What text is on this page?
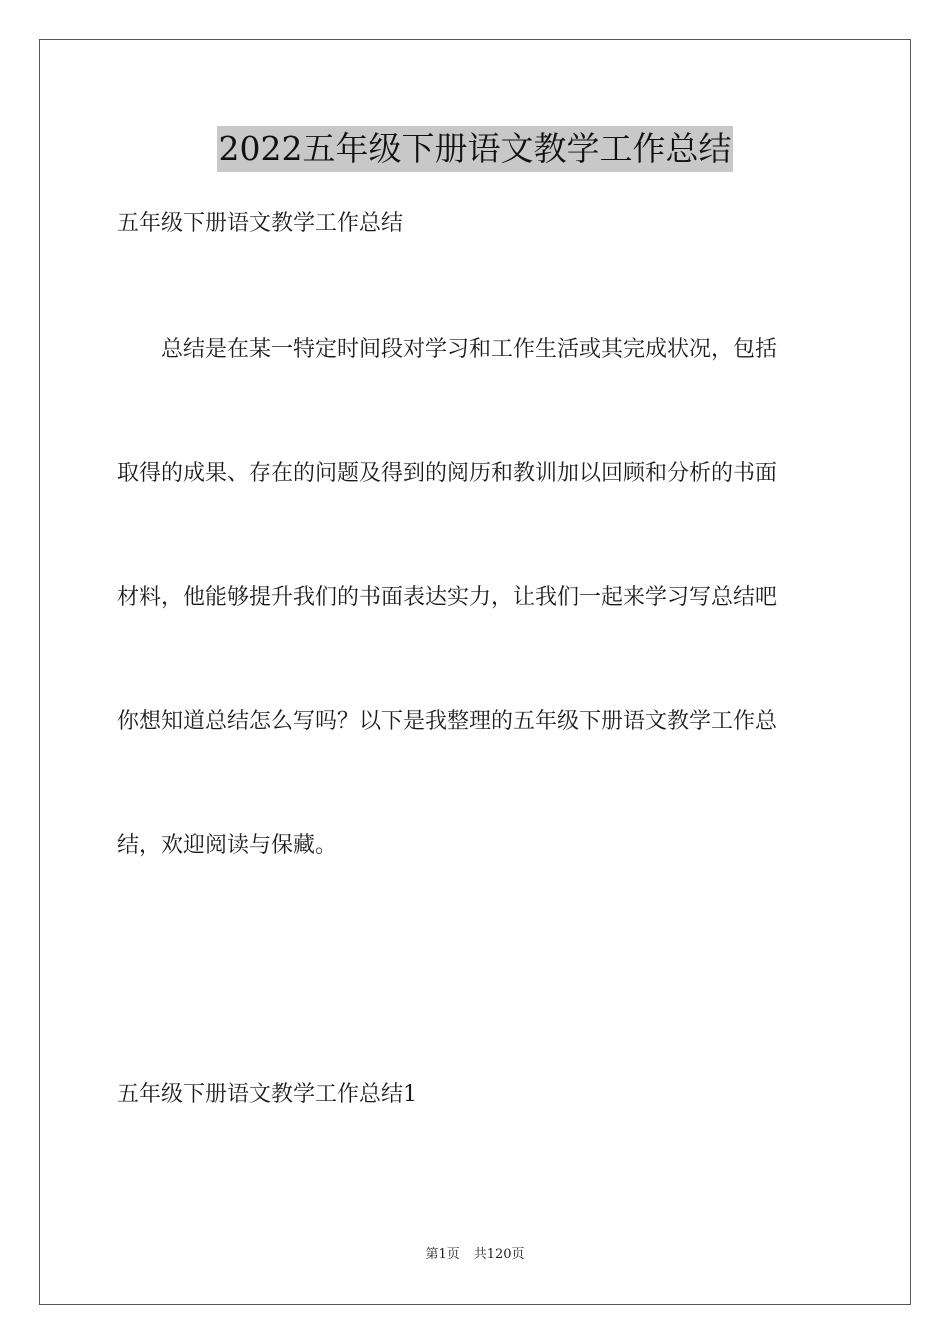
2022五年级下册语文教学工作总结
五年级下册语文教学工作总结
　　总结是在某一特定时间段对学习和工作生活或其完成状况，包括
取得的成果、存在的问题及得到的阅历和教训加以回顾和分析的书面
材料，他能够提升我们的书面表达实力，让我们一起来学习写总结吧
你想知道总结怎么写吗？以下是我整理的五年级下册语文教学工作总
结，欢迎阅读与保藏。
五年级下册语文教学工作总结1
第1页 共120页
